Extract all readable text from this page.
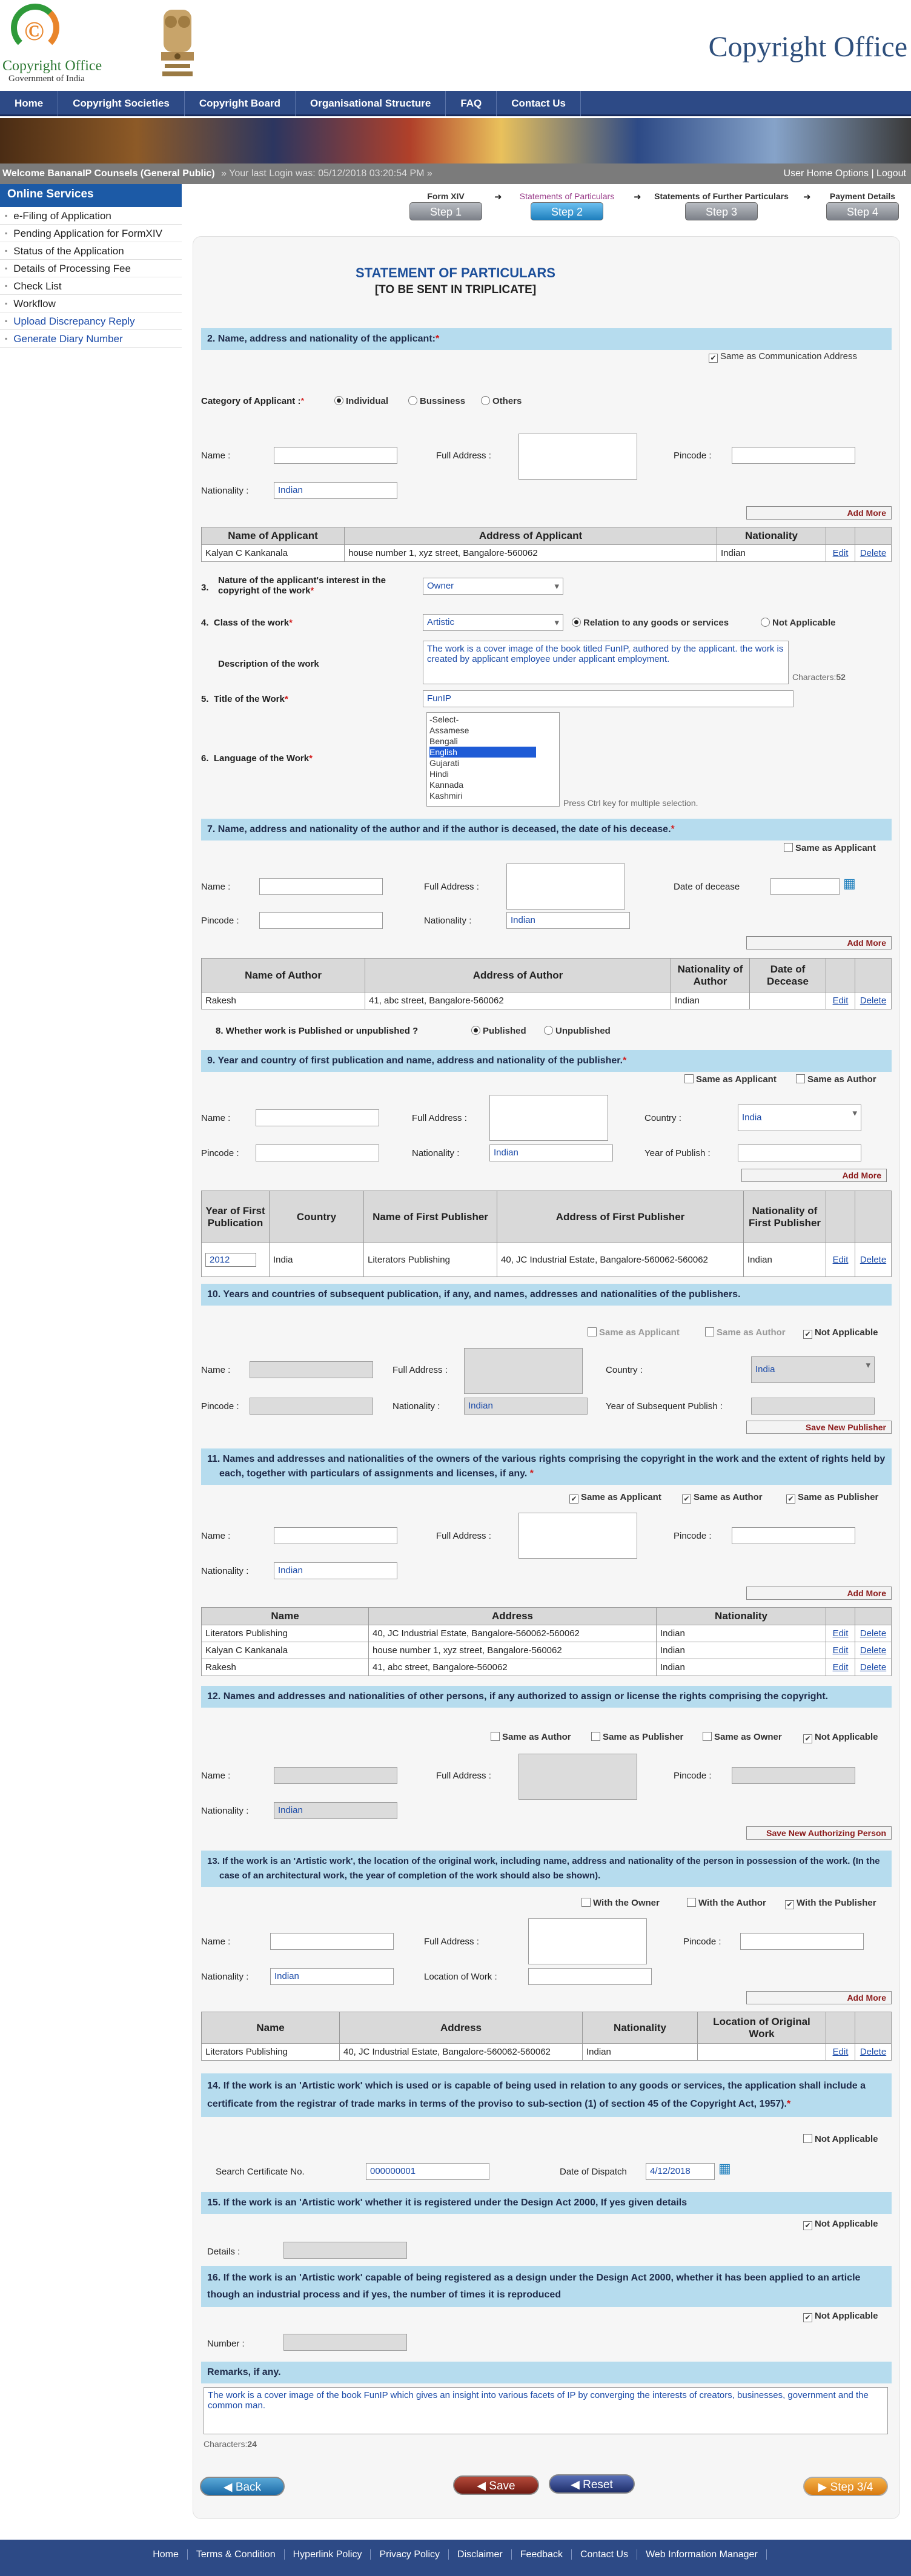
©
Copyright Office
Government of India
Copyright Office
Home	Copyright Societies	Copyright Board	Organisational Structure	FAQ	Contact Us
Welcome BananaIP Counsels (General Public) » Your last Login was: 05/12/2018 03:20:54 PM »	User Home Options | Logout
Online Services
▪ e-Filing of Application
▪ Pending Application for FormXIV
▪ Status of the Application
▪ Details of Processing Fee
▪ Check List
▪ Workflow
▪ Upload Discrepancy Reply
▪ Generate Diary Number
Form XIV
Step 1
➜	Statements of Particulars
Step 2
➜	Statements of Further Particulars
Step 3
➜	Payment Details
Step 4
STATEMENT OF PARTICULARS
[TO BE SENT IN TRIPLICATE]
2. Name, address and nationality of the applicant:*
✔ Same as Communication Address
Category of Applicant :*	Individual	Bussiness	Others
Name :	Full Address :	Pincode :
Nationality :	Indian
Add More
Name of Applicant	Address of Applicant	Nationality		
Kalyan C Kankanala	house number 1, xyz street, Bangalore-560062	Indian	Edit	Delete
3.
Nature of the applicant's interest in the copyright of the work*	Owner ▾
4. Class of the work*	Artistic ▾	Relation to any goods or services	Not Applicable
Description of the work
The work is a cover image of the book titled FunIP, authored by the applicant. the work is created by applicant employee under applicant employment.
Characters:52
5. Title of the Work*	FunIP
6. Language of the Work*
-Select-
Assamese
Bengali
English
Gujarati
Hindi
Kannada
Kashmiri
Press Ctrl key for multiple selection.
7. Name, address and nationality of the author and if the author is deceased, the date of his decease.*
Same as Applicant
Name :	Full Address :	Date of decease	▦
Pincode :	Nationality :	Indian
Add More
Name of Author	Address of Author	Nationality of Author	Date of Decease		
Rakesh	41, abc street, Bangalore-560062	Indian		Edit	Delete
8. Whether work is Published or unpublished ?	Published	Unpublished
9. Year and country of first publication and name, address and nationality of the publisher.*
Same as Applicant	Same as Author
Name :	Full Address :	Country :	India ▾
Pincode :	Nationality :	Indian	Year of Publish :
Add More
Year of First Publication	Country	Name of First Publisher	Address of First Publisher	Nationality of First Publisher		
2012	India	Literators Publishing	40, JC Industrial Estate, Bangalore-560062-560062	Indian	Edit	Delete
10. Years and countries of subsequent publication, if any, and names, addresses and nationalities of the publishers.
Same as Applicant	Same as Author	✔ Not Applicable
Name :	Full Address :	Country :	India ▾
Pincode :	Nationality :	Indian	Year of Subsequent Publish :
Save New Publisher
11. Names and addresses and nationalities of the owners of the various rights comprising the copyright in the work and the extent of rights held by each, together with particulars of assignments and licenses, if any. *
✔ Same as Applicant	✔ Same as Author	✔ Same as Publisher
Name :	Full Address :	Pincode :
Nationality :	Indian
Add More
Name	Address	Nationality		
Literators Publishing	40, JC Industrial Estate, Bangalore-560062-560062	Indian	Edit	Delete
Kalyan C Kankanala	house number 1, xyz street, Bangalore-560062	Indian	Edit	Delete
Rakesh	41, abc street, Bangalore-560062	Indian	Edit	Delete
12. Names and addresses and nationalities of other persons, if any authorized to assign or license the rights comprising the copyright.
Same as Author	Same as Publisher	Same as Owner	✔ Not Applicable
Name :	Full Address :	Pincode :
Nationality :	Indian
Save New Authorizing Person
13. If the work is an 'Artistic work', the location of the original work, including name, address and nationality of the person in possession of the work. (In the case of an architectural work, the year of completion of the work should also be shown).
With the Owner	With the Author	✔ With the Publisher
Name :	Full Address :	Pincode :
Nationality :	Indian	Location of Work :
Add More
Name	Address	Nationality	Location of Original Work		
Literators Publishing	40, JC Industrial Estate, Bangalore-560062-560062	Indian		Edit	Delete
14. If the work is an 'Artistic work' which is used or is capable of being used in relation to any goods or services, the application shall include a certificate from the registrar of trade marks in terms of the proviso to sub-section (1) of section 45 of the Copyright Act, 1957).*
Not Applicable
Search Certificate No.	000000001	Date of Dispatch	4/12/2018	▦
15. If the work is an 'Artistic work' whether it is registered under the Design Act 2000, If yes given details
✔ Not Applicable
Details :
16. If the work is an 'Artistic work' capable of being registered as a design under the Design Act 2000, whether it has been applied to an article though an industrial process and if yes, the number of times it is reproduced
✔ Not Applicable
Number :
Remarks, if any.
The work is a cover image of the book FunIP which gives an insight into various facets of IP by converging the interests of creators, businesses, government and the common man.
Characters:24
◀ Back	◀ Save	◀ Reset	▶ Step 3/4
Home Terms & Condition Hyperlink Policy Privacy Policy Disclaimer Feedback Contact Us Web Information Manager
